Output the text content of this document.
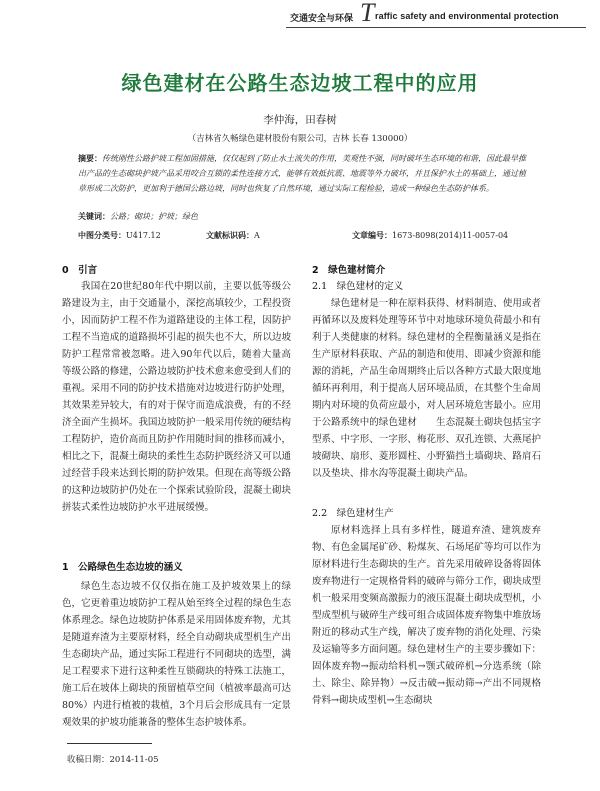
交通安全与环保 T raffic safety and environmental protection
绿色建材在公路生态边坡工程中的应用
李仲海，田春树
（吉林省久畅绿色建材股份有限公司，吉林 长春 130000）

摘要：传统刚性公路护坡工程加固措施，仅仅起到了防止水土流失的作用，美观性不强，同时破坏生态环境的和谐，因此最早推出产品的生态砌块护坡产品采用咬合互锁的柔性连接方式，能够有效抵抗震、地震等外力破坏，并且保护水土的基础上，通过植草形成二次防护，更加利于德国公路边坡，同时也恢复了自然环境，通过实际工程检验，造成一种绿色生态防护体系。

关键词：公路；砌块；护坡；绿色

中图分类号：U417.12	文献标识码：A	文章编号：1673-8098(2014)11-0057-04
0　引言

我国在20世纪80年代中期以前，主要以低等级公路建设为主，由于交通量小，深挖高填较少，工程投资小，因而防护工程不作为道路建设的主体工程，因防护工程不当造成的道路损坏引起的损失也不大，所以边坡防护工程常常被忽略。进入90年代以后，随着大量高等级公路的修建，公路边坡防护技术愈来愈受到人们的重视。采用不同的防护技术措施对边坡进行防护处理，其效果差异较大，有的对于保守而造成浪费，有的不经济全面产生损坏。我国边坡防护一般采用传统的硬结构工程防护，造价高而且防护作用随时间的推移而减小，相比之下，混凝土砌块的柔性生态防护既经济又可以通过经营手段来达到长期的防护效果。但现在高等级公路的这种边坡防护仍处在一个探索试验阶段，混凝土砌块拼装式柔性边坡防护水平进展缓慢。

1　公路绿色生态边坡的涵义

绿色生态边坡不仅仅指在施工及护坡效果上的绿色，它更着重边坡防护工程从始至终全过程的绿色生态体系理念。绿色边坡防护体系是采用固体废弃物，尤其是随道弃渣为主要原材料，经全自动砌块成型机生产出生态砌块产品，通过实际工程进行不同砌块的选型，满足工程要求下进行这种柔性互锁砌块的特殊工法施工，施工后在坡体上砌块的预留植草空间（植被率最高可达80%）内进行植被的栽植，3个月后会形成具有一定景观效果的护坡功能兼备的整体生态护坡体系。

2　绿色建材简介
2.1　绿色建材的定义

绿色建材是一种在原料获得、材料制造、使用或者再循环以及废料处理等环节中对地球环境负荷最小和有利于人类健康的材料。绿色建材的全程衡量涵义是指在生产原材料获取、产品的制造和使用、即减少资源和能源的消耗，产品生命周期终止后以各种方式最大限度地循环再利用，利于提高人居环境品质，在其整个生命周期内对环境的负荷应最小，对人居环境危害最小。应用于公路系统中的绿色建材　　生态混凝土砌块包括宝字型系、中字形、一字形、梅花形、双孔连锁、大燕尾护坡砌块、扇形、菱形圆柱、小野猫挡土墙砌块、路肩石以及垫块、排水沟等混凝土砌块产品。

2.2　绿色建材生产

原材料选择上具有多样性，隧道弃渣、建筑废弃物、有色金属尾矿砂、粉煤灰、石场尾矿等均可以作为原材料进行生态砌块的生产。首先采用破碎设备将固体废弃物进行一定规格骨料的破碎与筛分工作，砌块成型机一般采用变频高激振力的液压混凝土砌块成型机，小型成型机与破碎生产线可组合成固体废弃物集中堆放场附近的移动式生产线，解决了废弃物的消化处理、污染及运输等多方面问题。绿色建材生产的主要步骤如下：固体废弃物→振动给料机→颚式破碎机→分选系统（除土、除尘、除异物）→反击破→振动筛→产出不同规格骨料→砌块成型机→生态砌块

收稿日期：2014-11-05
